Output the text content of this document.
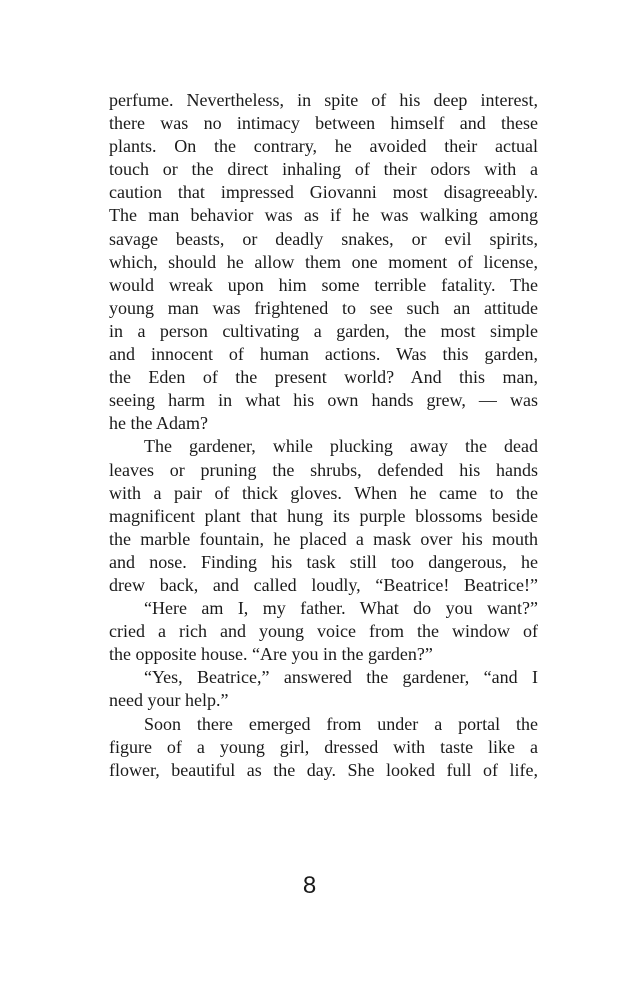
perfume. Nevertheless, in spite of his deep interest,
there was no intimacy between himself and these
plants. On the contrary, he avoided their actual
touch or the direct inhaling of their odors with a
caution that impressed Giovanni most disagreeably.
The man behavior was as if he was walking among
savage beasts, or deadly snakes, or evil spirits,
which, should he allow them one moment of license,
would wreak upon him some terrible fatality. The
young man was frightened to see such an attitude
in a person cultivating a garden, the most simple
and innocent of human actions. Was this garden,
the Eden of the present world? And this man,
seeing harm in what his own hands grew, — was
he the Adam?
The gardener, while plucking away the dead
leaves or pruning the shrubs, defended his hands
with a pair of thick gloves. When he came to the
magnificent plant that hung its purple blossoms beside
the marble fountain, he placed a mask over his mouth
and nose. Finding his task still too dangerous, he
drew back, and called loudly, “Beatrice! Beatrice!”
“Here am I, my father. What do you want?”
cried a rich and young voice from the window of
the opposite house. “Are you in the garden?”
“Yes, Beatrice,” answered the gardener, “and I
need your help.”
Soon there emerged from under a portal the
figure of a young girl, dressed with taste like a
flower, beautiful as the day. She looked full of life,
8
